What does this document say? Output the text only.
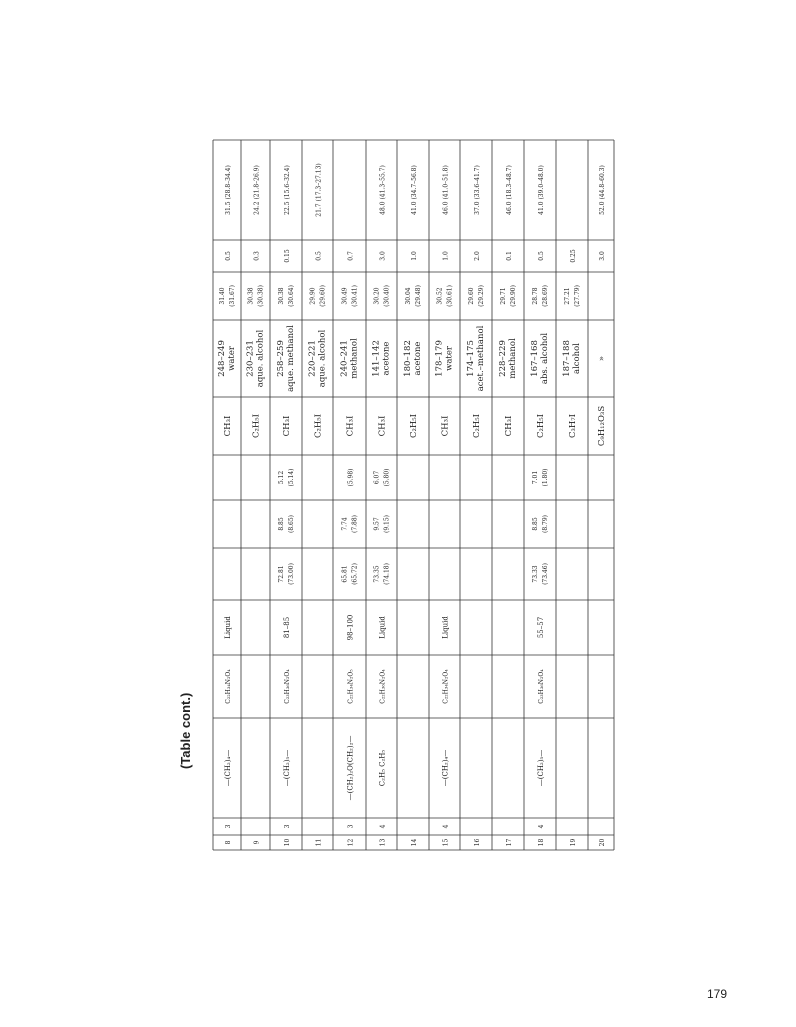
(Table cont.)
179
8
3
—(CH₂)₄—
C₂₂H₃₄N₂O₄
Liquid
CH₃I
248–249 water
31.40 (31.67)
0.5
31.5 (28.8–34.4)
9
C₂H₅I
230–231 aque. alcohol
30.38 (30.38)
0.3
24.2 (21.8–26.9)
10
3
—(CH₂)₅—
C₂₃H₃₆N₂O₄
81–85
72.81 (73.00)
8.85 (8.65)
5.12 (5.14)
CH₃I
258–259 aque. methanol
30.38 (30.64)
0.15
22.5 (15.6–32.4)
11
C₂H₅I
220–221 aque. alcohol
29.90 (29.60)
0.5
21.7 (17.3–27.13)
12
3
—(CH₂)₂O(CH₂)₂—
C₂₂H₃₄N₂O₅
98–100
65.81 (65.72)
7.74 (7.88)
(5.98)
CH₃I
240–241 methanol
30.49 (30.41)
0.7
13
4
C₂H₅ C₂H₅
C₂₂H₃₆N₂O₄
Liquid
73.35 (74.18)
9.57 (9.15)
6.07 (5.80)
CH₃I
141–142 acetone
30.20 (30.40)
3.0
48.0 (41.3–55.7)
14
C₂H₅I
180–182 acetone
30.04 (29.48)
1.0
41.0 (34.7–56.8)
15
4
—(CH₂)₄—
C₂₂H₃₄N₂O₄
Liquid
CH₃I
178–179 water
30.52 (30.61)
1.0
46.0 (41.0–51.8)
16
C₂H₅I
174–175 acet.–methanol
29.60 (29.29)
2.0
37.0 (33.6–41.7)
17
CH₃I
228–229 methanol
29.71 (29.90)
0.1
46.0 (18.3–48.7)
18
4
—(CH₂)₅—
C₂₃H₃₆N₂O₄
55–57
73.33 (73.46)
8.85 (8.79)
7.01 (1.80)
C₂H₅I
167–168 abs. alcohol
28.78 (28.69)
0.5
41.0 (39.0–48.0)
19
C₃H₇I
187–188 alcohol
27.21 (27.79)
0.25
20
C₉H₁₂O₃S
»
3.0
52.0 (44.8–60.3)
